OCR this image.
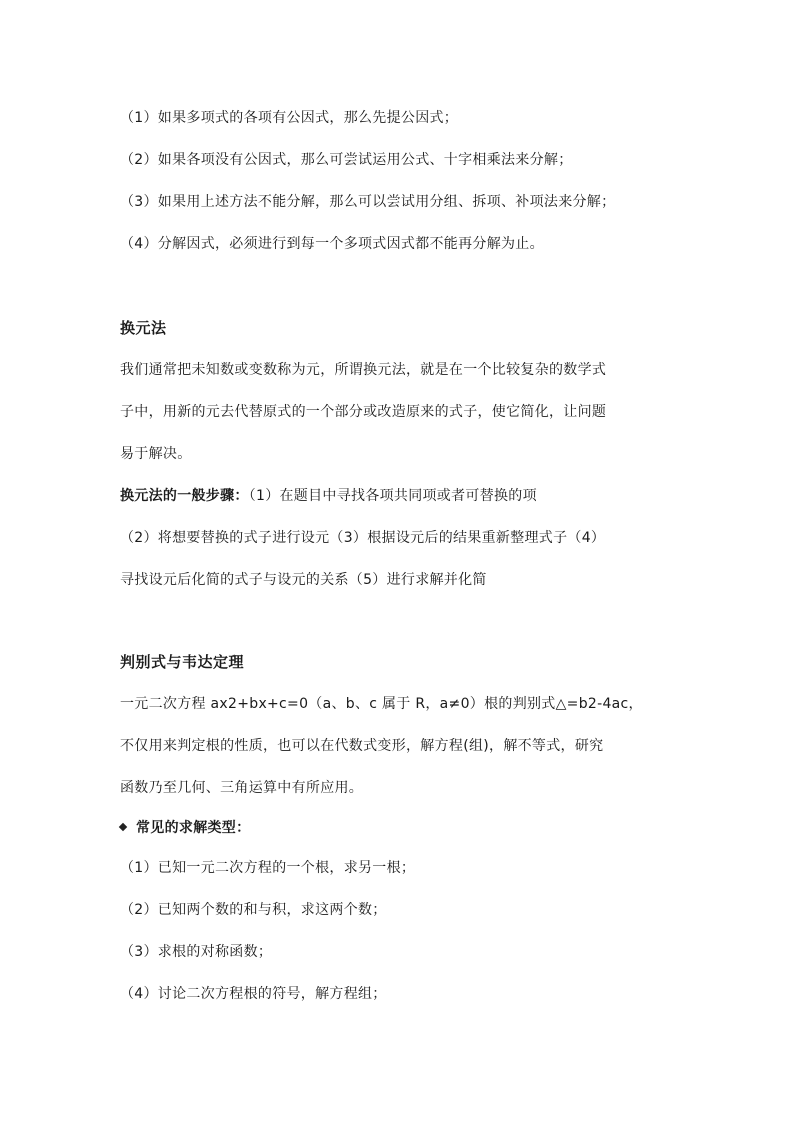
（1）如果多项式的各项有公因式，那么先提公因式；
（2）如果各项没有公因式，那么可尝试运用公式、十字相乘法来分解；
（3）如果用上述方法不能分解，那么可以尝试用分组、拆项、补项法来分解；
（4）分解因式，必须进行到每一个多项式因式都不能再分解为止。
换元法
我们通常把未知数或变数称为元，所谓换元法，就是在一个比较复杂的数学式
子中，用新的元去代替原式的一个部分或改造原来的式子，使它简化，让问题
易于解决。
换元法的一般步骤：（1）在题目中寻找各项共同项或者可替换的项
（2）将想要替换的式子进行设元（3）根据设元后的结果重新整理式子（4）
寻找设元后化简的式子与设元的关系（5）进行求解并化简
判别式与韦达定理
一元二次方程 ax2+bx+c=0（a、b、c 属于 R，a≠0）根的判别式△=b2-4ac，
不仅用来判定根的性质，也可以在代数式变形，解方程(组)，解不等式，研究
函数乃至几何、三角运算中有所应用。
常见的求解类型：
（1）已知一元二次方程的一个根，求另一根；
（2）已知两个数的和与积，求这两个数；
（3）求根的对称函数；
（4）讨论二次方程根的符号，解方程组；
